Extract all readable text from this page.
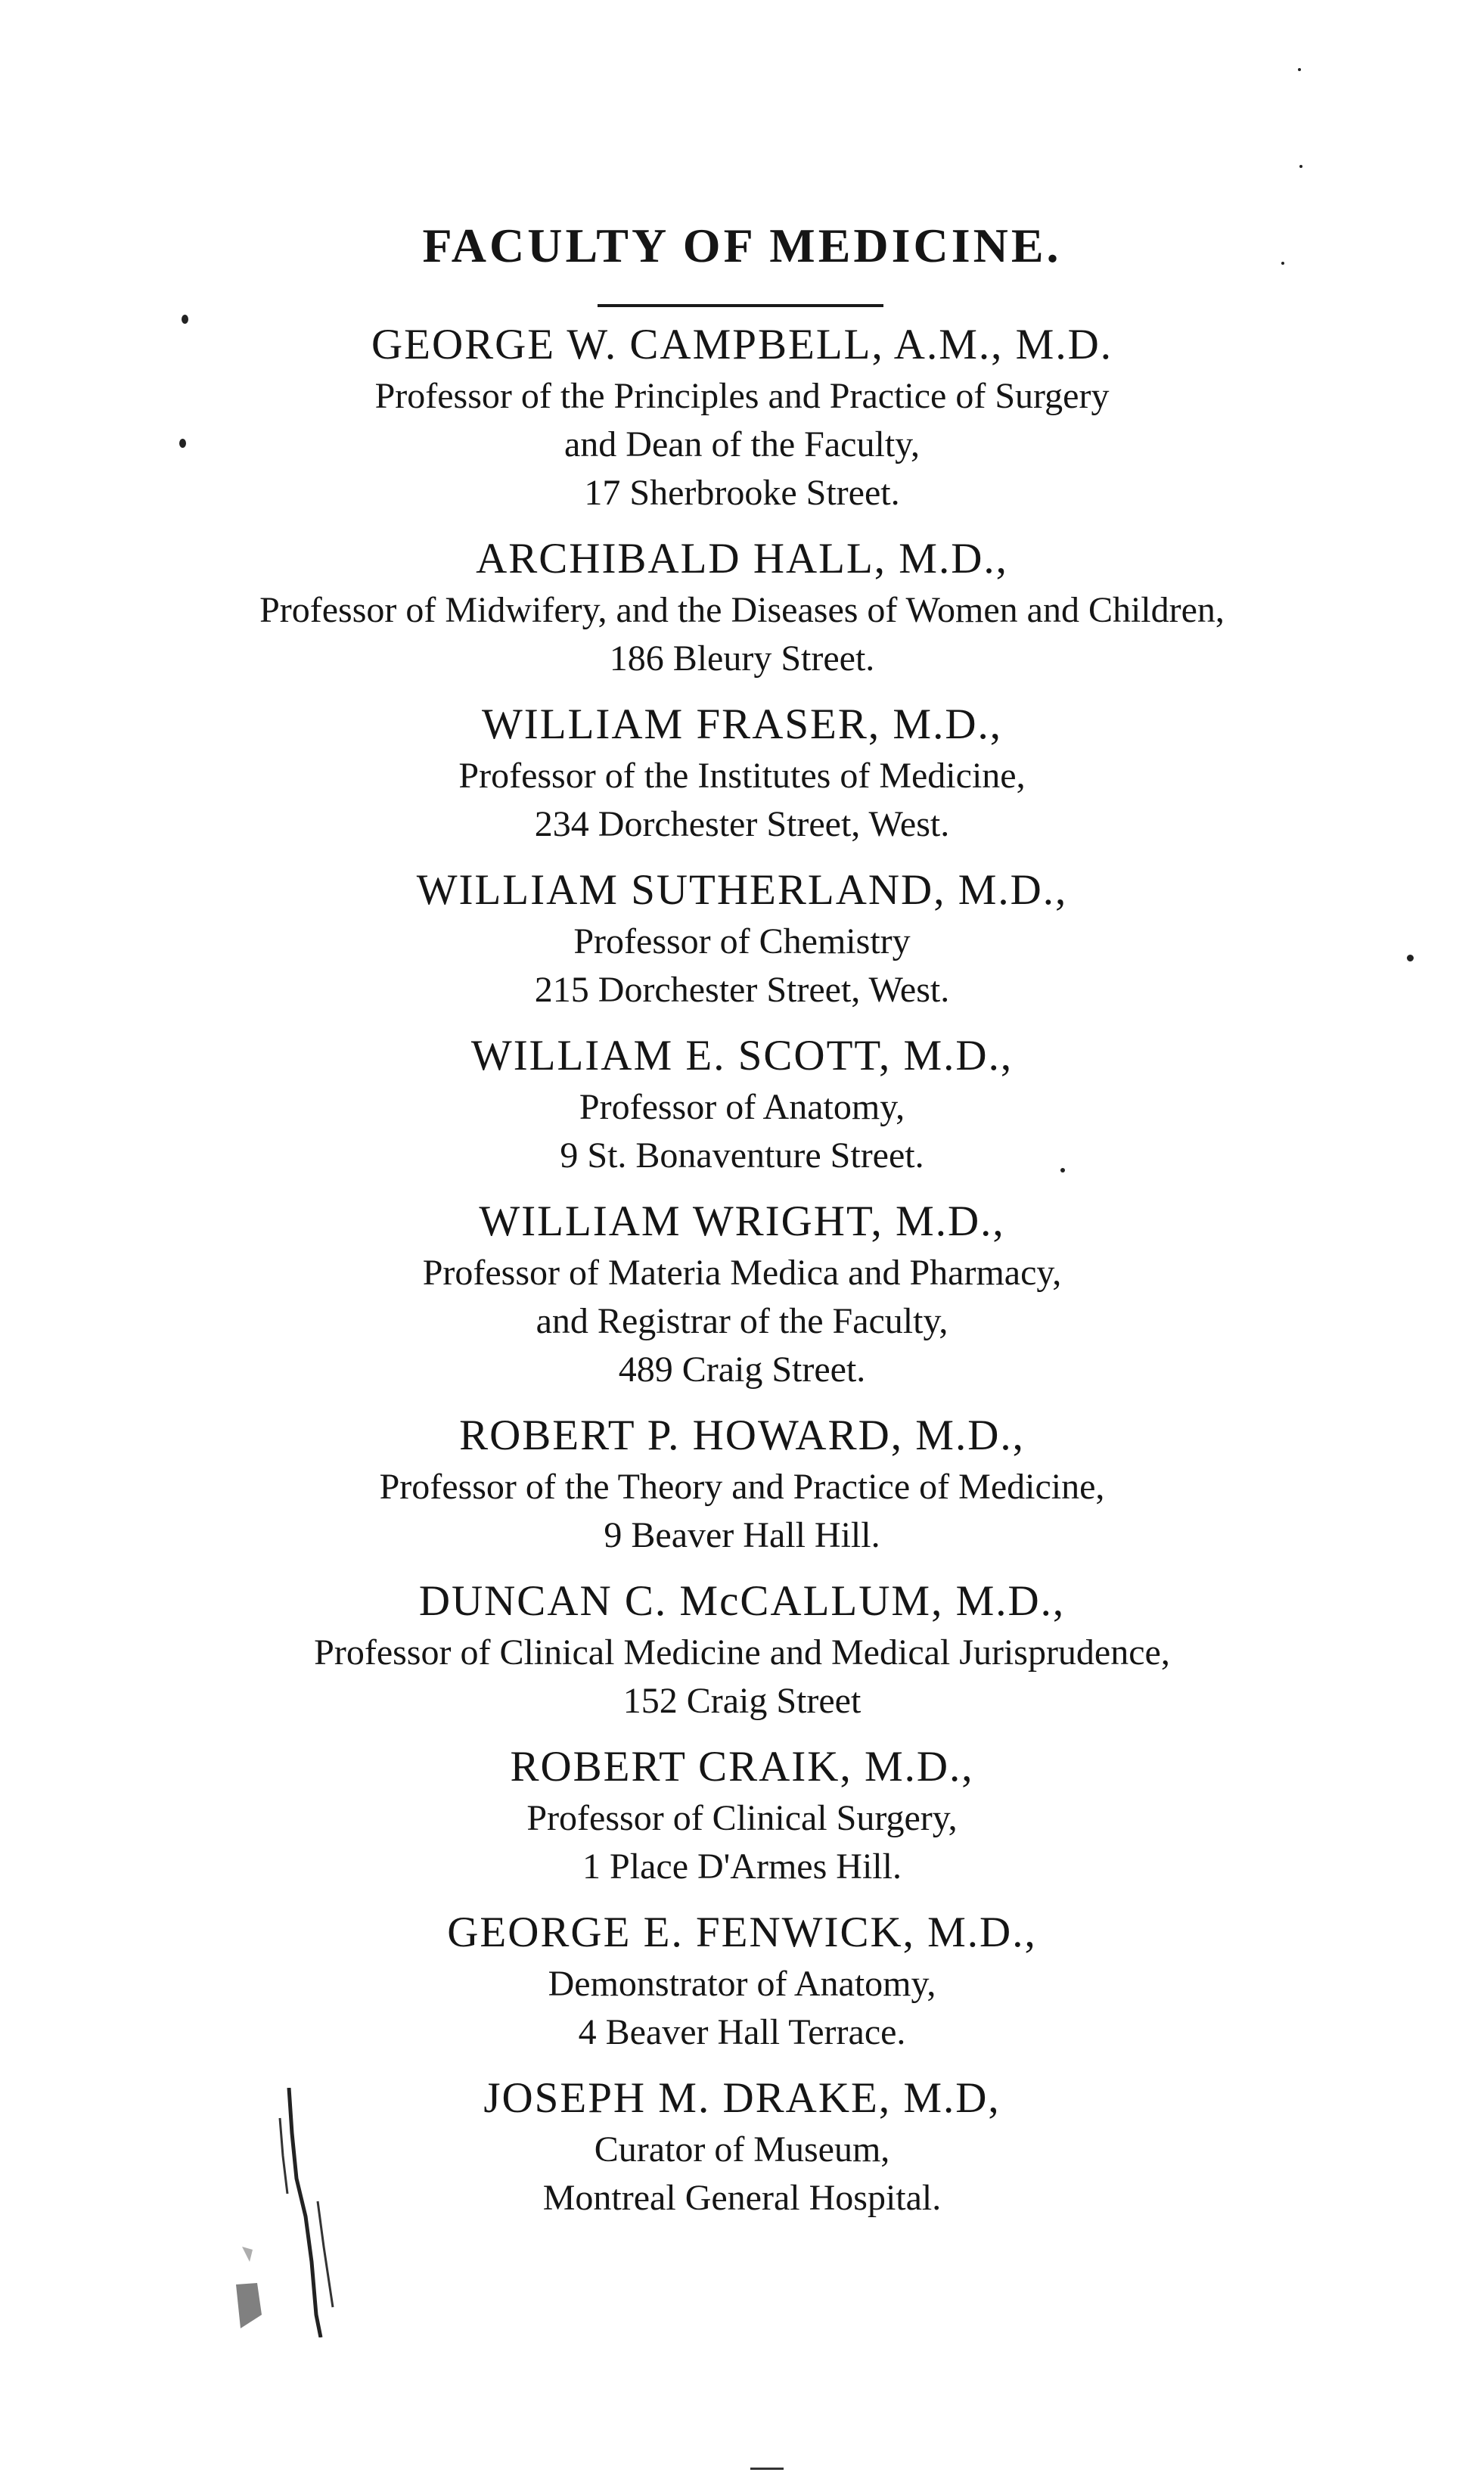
FACULTY OF MEDICINE.
GEORGE W. CAMPBELL, A.M., M.D.
Professor of the Principles and Practice of Surgery
and Dean of the Faculty,
17 Sherbrooke Street.
ARCHIBALD HALL, M.D.,
Professor of Midwifery, and the Diseases of Women and Children,
186 Bleury Street.
WILLIAM FRASER, M.D.,
Professor of the Institutes of Medicine,
234 Dorchester Street, West.
WILLIAM SUTHERLAND, M.D.,
Professor of Chemistry
215 Dorchester Street, West.
WILLIAM E. SCOTT, M.D.,
Professor of Anatomy,
9 St. Bonaventure Street.
WILLIAM WRIGHT, M.D.,
Professor of Materia Medica and Pharmacy,
and Registrar of the Faculty,
489 Craig Street.
ROBERT P. HOWARD, M.D.,
Professor of the Theory and Practice of Medicine,
9 Beaver Hall Hill.
DUNCAN C. McCALLUM, M.D.,
Professor of Clinical Medicine and Medical Jurisprudence,
152 Craig Street
ROBERT CRAIK, M.D.,
Professor of Clinical Surgery,
1 Place D'Armes Hill.
GEORGE E. FENWICK, M.D.,
Demonstrator of Anatomy,
4 Beaver Hall Terrace.
JOSEPH M. DRAKE, M.D,
Curator of Museum,
Montreal General Hospital.
